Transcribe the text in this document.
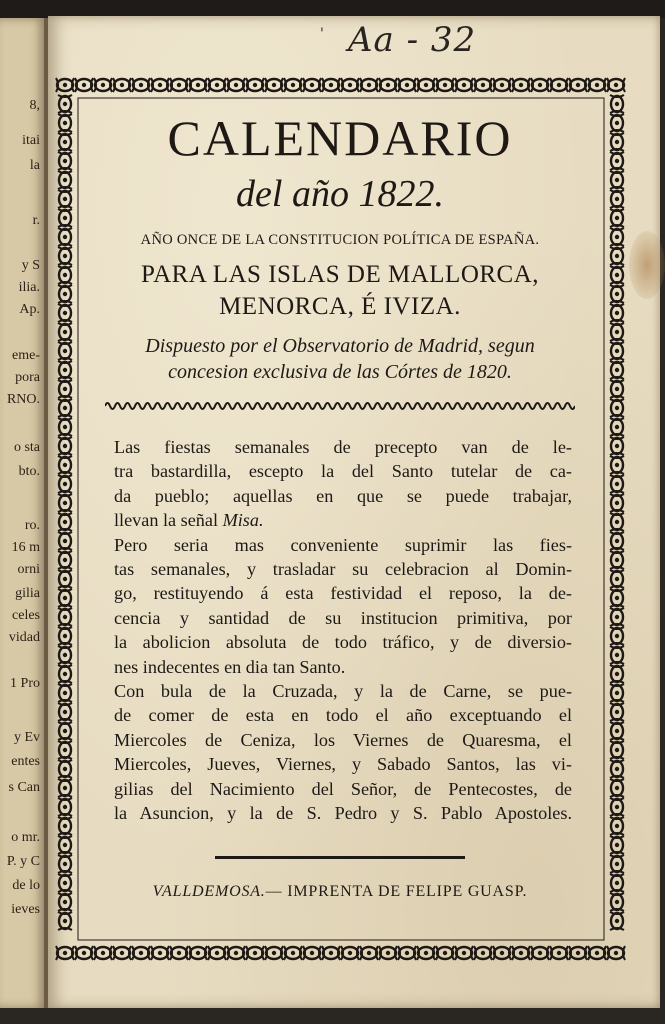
8,
itai
la
r.
y S
ilia.
Ap.
eme-
pora
RNO.
o sta
bto.
ro.
16 m
orni
gilia
celes
vidad
1 Pro
y Ev
entes
s Can
o mr.
P. y C
de lo
ieves
' Aa - 32
CALENDARIO
del año 1822.
AÑO ONCE DE LA CONSTITUCION POLÍTICA DE ESPAÑA.
PARA LAS ISLAS DE MALLORCA,
MENORCA, É IVIZA.
Dispuesto por el Observatorio de Madrid, segun
concesion exclusiva de las Córtes de 1820.

Las fiestas semanales de precepto van de le-
tra bastardilla, escepto la del Santo tutelar de ca-
da pueblo; aquellas en que se puede trabajar,
llevan la señal Misa.

Pero seria mas conveniente suprimir las fies-
tas semanales, y trasladar su celebracion al Domin-
go, restituyendo á esta festividad el reposo, la de-
cencia y santidad de su institucion primitiva, por
la abolicion absoluta de todo tráfico, y de diversio-
nes indecentes en dia tan Santo.

Con bula de la Cruzada, y la de Carne, se pue-
de comer de esta en todo el año exceptuando el
Miercoles de Ceniza, los Viernes de Quaresma, el
Miercoles, Jueves, Viernes, y Sabado Santos, las vi-
gilias del Nacimiento del Señor, de Pentecostes, de
la Asuncion, y la de S. Pedro y S. Pablo Apostoles.

VALLDEMOSA.— IMPRENTA DE FELIPE GUASP.
